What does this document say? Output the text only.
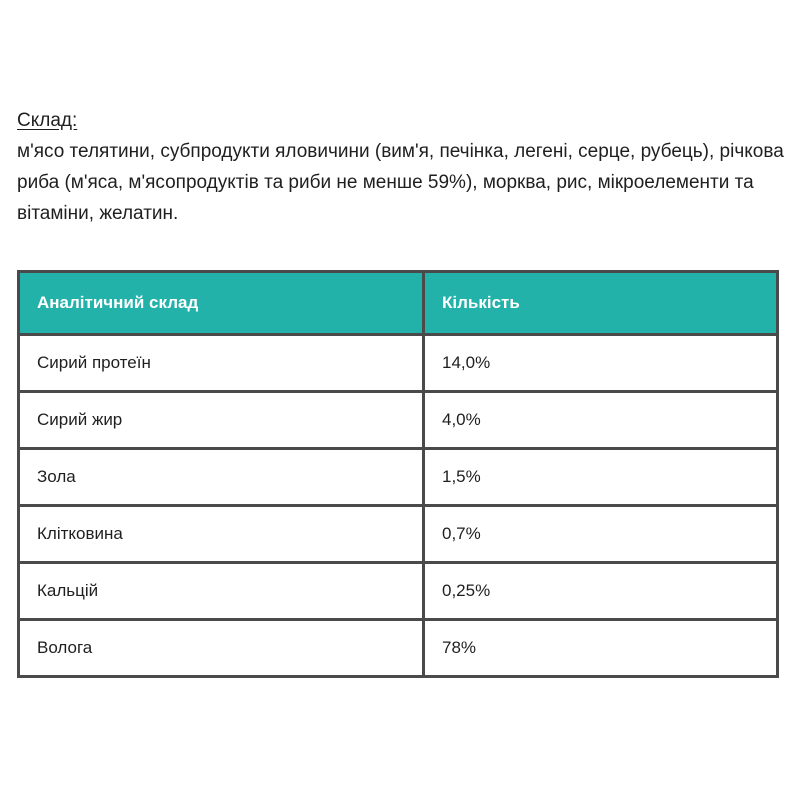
Склад:
м'ясо телятини, субпродукти яловичини (вим'я, печінка, легені, серце, рубець), річкова риба (м'яса, м'ясопродуктів та риби не менше 59%), морква, рис, мікроелементи та вітаміни, желатин.
Аналітичний склад	Кількість
Сирий протеїн	14,0%
Сирий жир	4,0%
Зола	1,5%
Клітковина	0,7%
Кальцій	0,25%
Волога	78%
